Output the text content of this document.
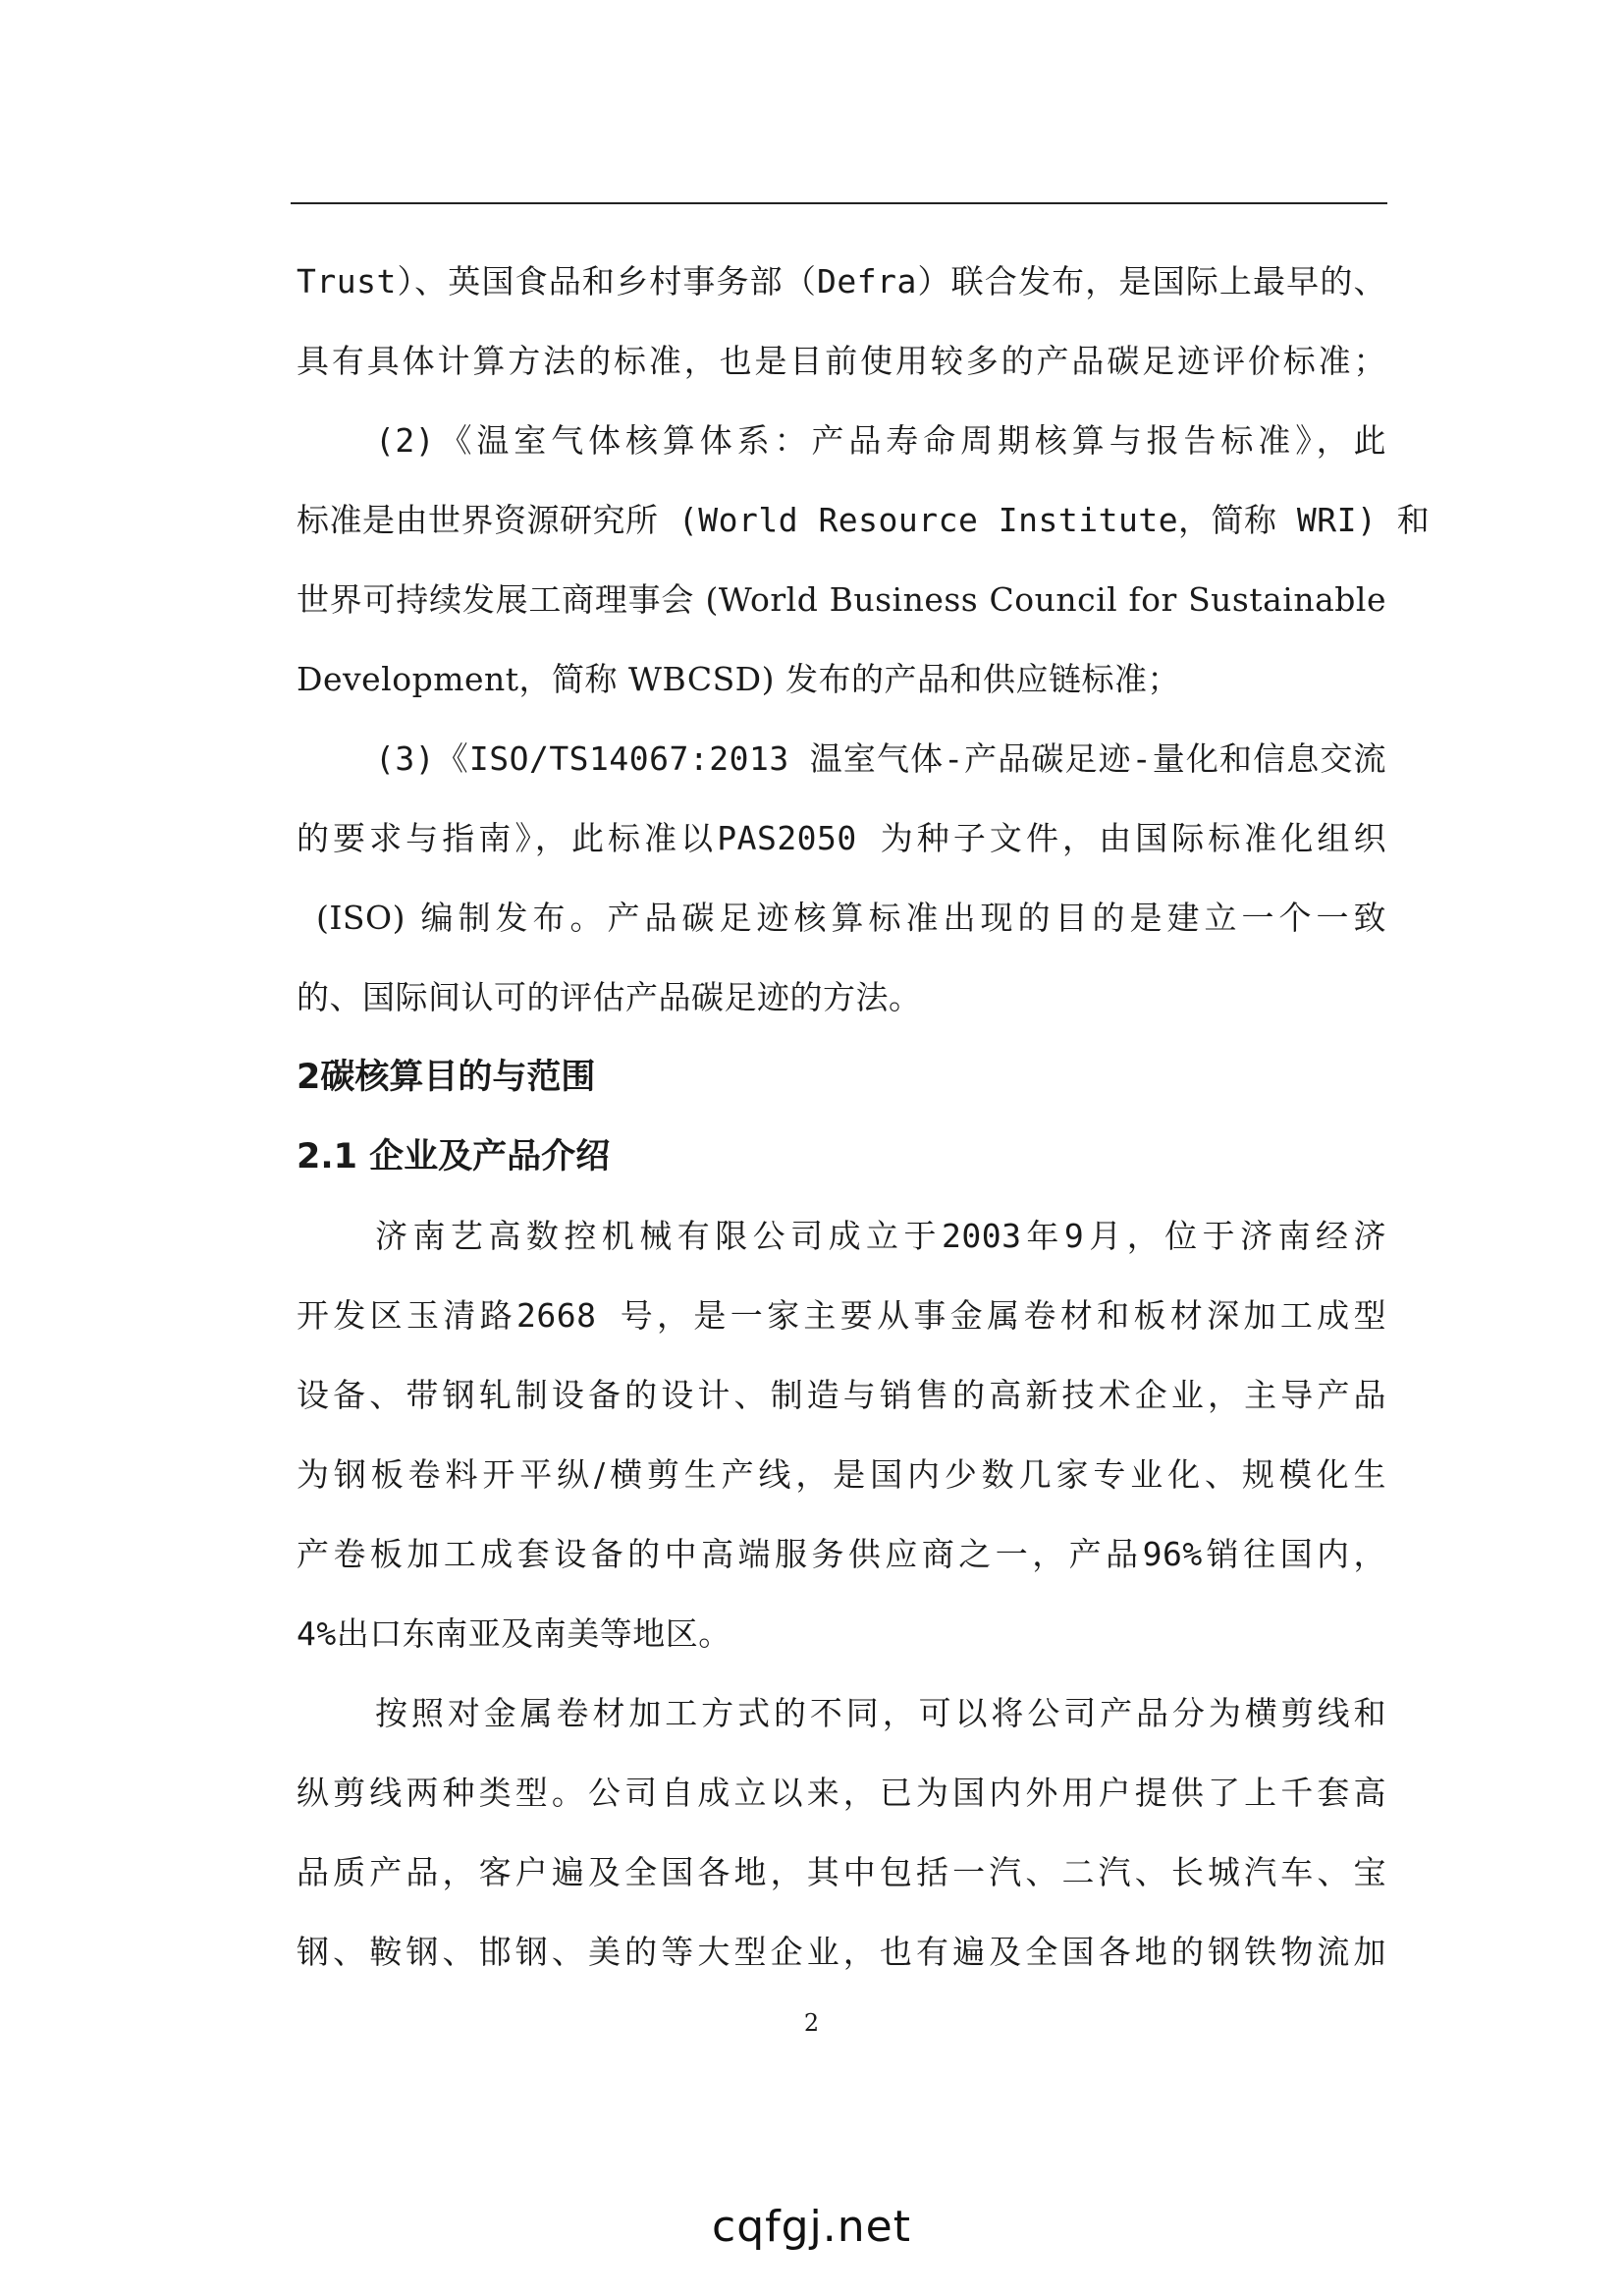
Trust）、英国食品和乡村事务部（Defra）联合发布，是国际上最早的、
具有具体计算方法的标准，也是目前使用较多的产品碳足迹评价标准；
(2)《温室气体核算体系：产品寿命周期核算与报告标准》，此
标准是由世界资源研究所 (World Resource Institute，简称 WRI) 和
世界可持续发展工商理事会 (World Business Council for Sustainable
Development，简称 WBCSD) 发布的产品和供应链标准；
(3)《ISO/TS14067:2013 温室气体-产品碳足迹-量化和信息交流
的要求与指南》，此标准以PAS2050 为种子文件，由国际标准化组织
(ISO) 编制发布。产品碳足迹核算标准出现的目的是建立一个一致
的、国际间认可的评估产品碳足迹的方法。
2碳核算目的与范围
2.1 企业及产品介绍
济南艺高数控机械有限公司成立于2003年9月，位于济南经济
开发区玉清路2668 号，是一家主要从事金属卷材和板材深加工成型
设备、带钢轧制设备的设计、制造与销售的高新技术企业，主导产品
为钢板卷料开平纵/横剪生产线，是国内少数几家专业化、规模化生
产卷板加工成套设备的中高端服务供应商之一，产品96%销往国内，
4%出口东南亚及南美等地区。
按照对金属卷材加工方式的不同，可以将公司产品分为横剪线和
纵剪线两种类型。公司自成立以来，已为国内外用户提供了上千套高
品质产品，客户遍及全国各地，其中包括一汽、二汽、长城汽车、宝
钢、鞍钢、邯钢、美的等大型企业，也有遍及全国各地的钢铁物流加
2
cqfgj.net
